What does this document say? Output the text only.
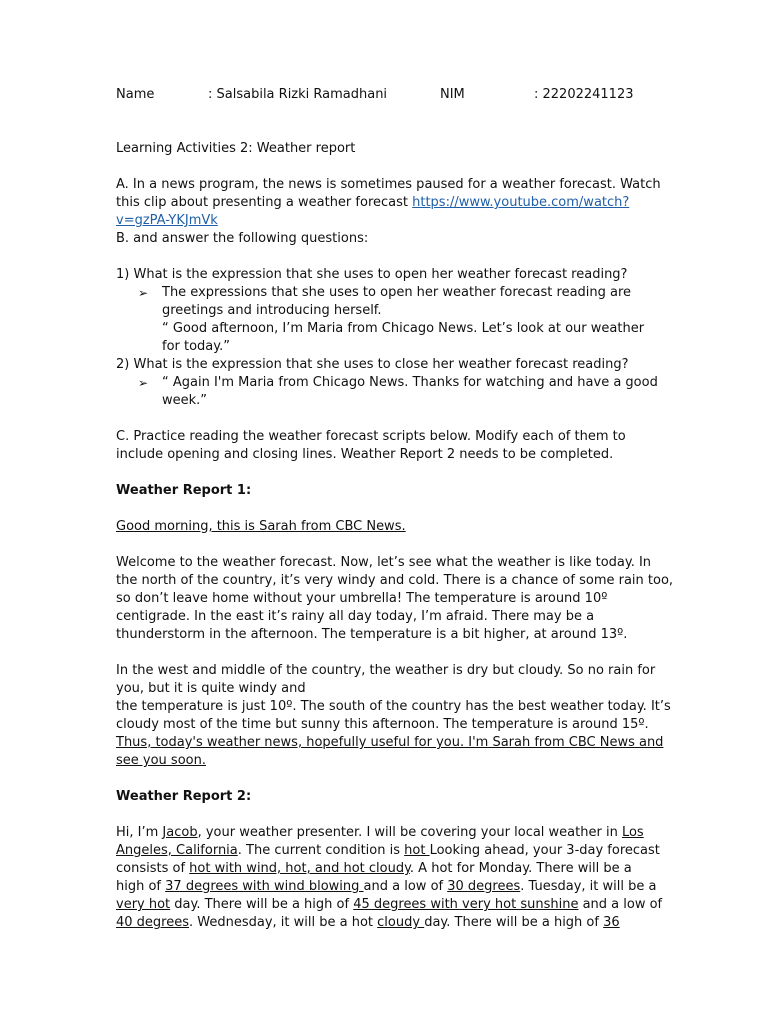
Name	: Salsabila Rizki Ramadhani	NIM	: 22202241123
Learning Activities 2: Weather report
A. In a news program, the news is sometimes paused for a weather forecast. Watch
this clip about presenting a weather forecast https://www.youtube.com/watch?
v=gzPA-YKJmVk
B. and answer the following questions:
1) What is the expression that she uses to open her weather forecast reading?
➢ The expressions that she uses to open her weather forecast reading are
greetings and introducing herself.
“ Good afternoon, I’m Maria from Chicago News. Let’s look at our weather
for today.”
2) What is the expression that she uses to close her weather forecast reading?
➢ “ Again I'm Maria from Chicago News. Thanks for watching and have a good
week.”
C. Practice reading the weather forecast scripts below. Modify each of them to
include opening and closing lines. Weather Report 2 needs to be completed.
Weather Report 1:
Good morning, this is Sarah from CBC News.
Welcome to the weather forecast. Now, let’s see what the weather is like today. In
the north of the country, it’s very windy and cold. There is a chance of some rain too,
so don’t leave home without your umbrella! The temperature is around 10º
centigrade. In the east it’s rainy all day today, I’m afraid. There may be a
thunderstorm in the afternoon. The temperature is a bit higher, at around 13º.
In the west and middle of the country, the weather is dry but cloudy. So no rain for
you, but it is quite windy and
the temperature is just 10º. The south of the country has the best weather today. It’s
cloudy most of the time but sunny this afternoon. The temperature is around 15º.
Thus, today's weather news, hopefully useful for you. I'm Sarah from CBC News and
see you soon.
Weather Report 2:
Hi, I’m Jacob, your weather presenter. I will be covering your local weather in Los
Angeles, California. The current condition is hot Looking ahead, your 3-day forecast
consists of hot with wind, hot, and hot cloudy. A hot for Monday. There will be a
high of 37 degrees with wind blowing and a low of 30 degrees. Tuesday, it will be a
very hot day. There will be a high of 45 degrees with very hot sunshine and a low of
40 degrees. Wednesday, it will be a hot cloudy day. There will be a high of 36
